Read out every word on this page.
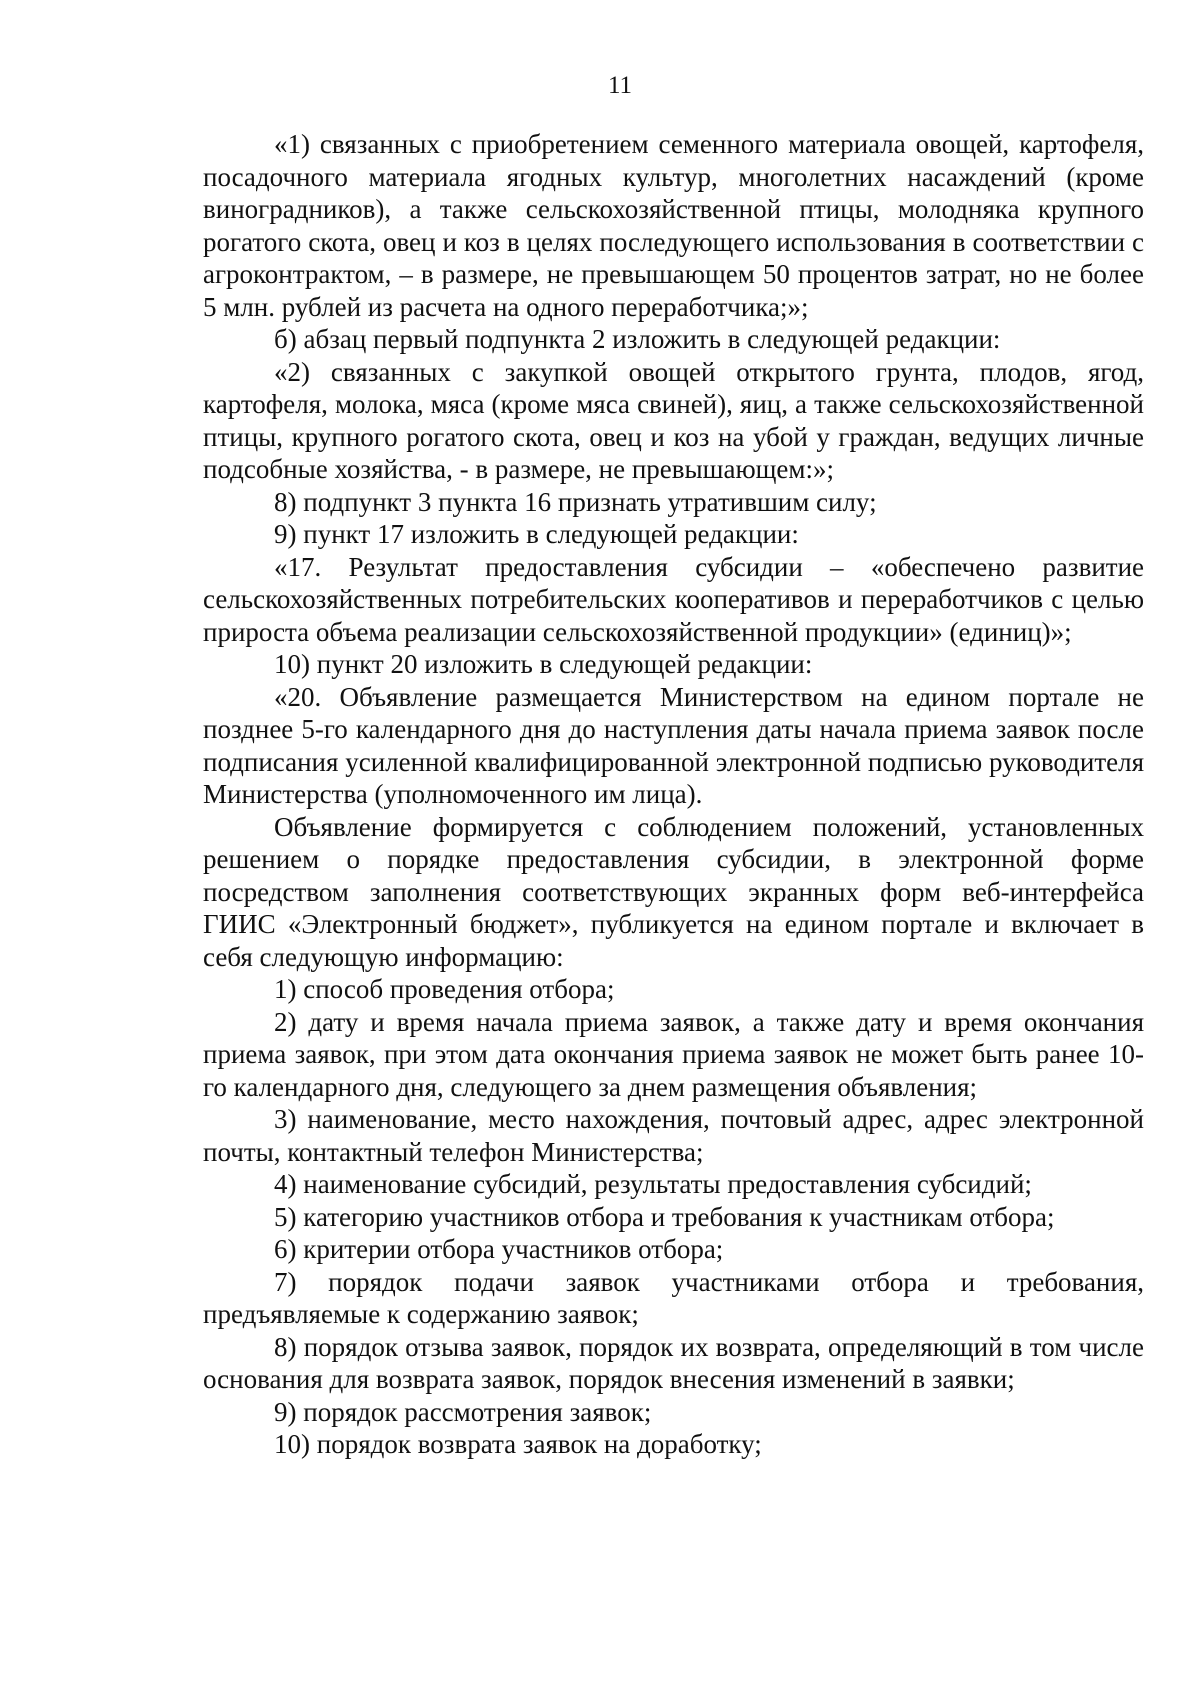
11

«1) связанных с приобретением семенного материала овощей, картофеля, посадочного материала ягодных культур, многолетних насаждений (кроме виноградников), а также сельскохозяйственной птицы, молодняка крупного рогатого скота, овец и коз в целях последующего использования в соответствии с агроконтрактом, – в размере, не превышающем 50 процентов затрат, но не более 5 млн. рублей из расчета на одного переработчика;»;

б) абзац первый подпункта 2 изложить в следующей редакции:

«2) связанных с закупкой овощей открытого грунта, плодов, ягод, картофеля, молока, мяса (кроме мяса свиней), яиц, а также сельскохозяйственной птицы, крупного рогатого скота, овец и коз на убой у граждан, ведущих личные подсобные хозяйства, - в размере, не превышающем:»;

8) подпункт 3 пункта 16 признать утратившим силу;

9) пункт 17 изложить в следующей редакции:

«17. Результат предоставления субсидии – «обеспечено развитие сельскохозяйственных потребительских кооперативов и переработчиков с целью прироста объема реализации сельскохозяйственной продукции» (единиц)»;

10) пункт 20 изложить в следующей редакции:

«20. Объявление размещается Министерством на едином портале не позднее 5-го календарного дня до наступления даты начала приема заявок после подписания усиленной квалифицированной электронной подписью руководителя Министерства (уполномоченного им лица).

Объявление формируется с соблюдением положений, установленных решением о порядке предоставления субсидии, в электронной форме посредством заполнения соответствующих экранных форм веб-интерфейса ГИИС «Электронный бюджет», публикуется на едином портале и включает в себя следующую информацию:

1) способ проведения отбора;

2) дату и время начала приема заявок, а также дату и время окончания приема заявок, при этом дата окончания приема заявок не может быть ранее 10-го календарного дня, следующего за днем размещения объявления;

3) наименование, место нахождения, почтовый адрес, адрес электронной почты, контактный телефон Министерства;

4) наименование субсидий, результаты предоставления субсидий;

5) категорию участников отбора и требования к участникам отбора;

6) критерии отбора участников отбора;

7) порядок подачи заявок участниками отбора и требования, предъявляемые к содержанию заявок;

8) порядок отзыва заявок, порядок их возврата, определяющий в том числе основания для возврата заявок, порядок внесения изменений в заявки;

9) порядок рассмотрения заявок;

10) порядок возврата заявок на доработку;
